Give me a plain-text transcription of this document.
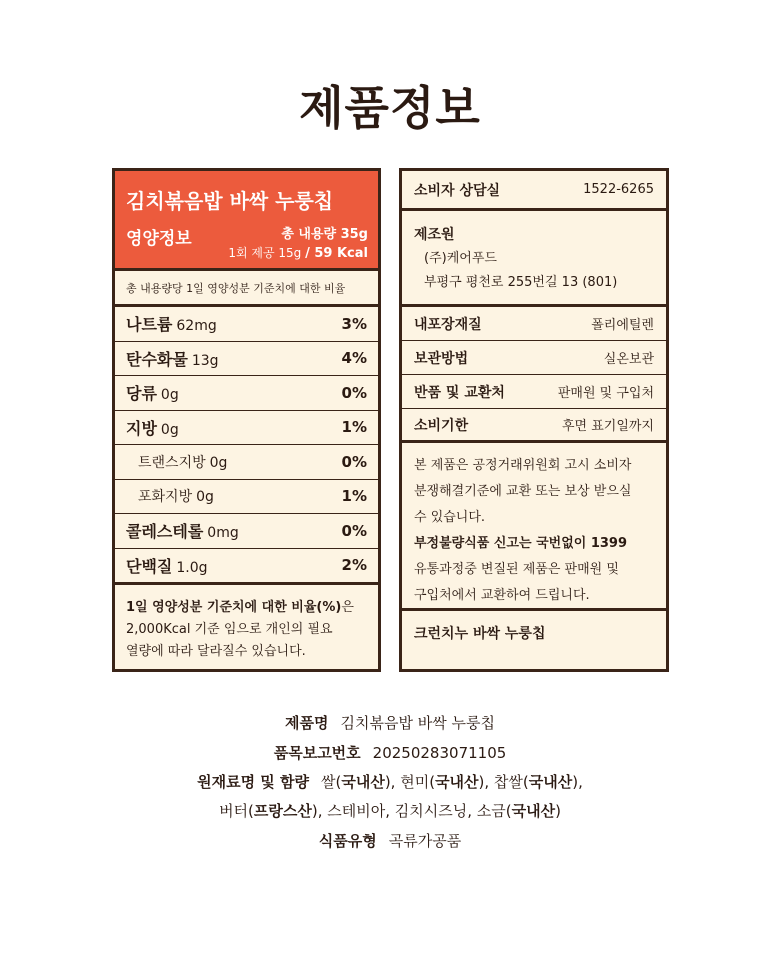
제품정보
김치볶음밥 바싹 누룽칩
영양정보	총 내용량 35g
1회 제공 15g / 59 Kcal
총 내용량당 1일 영양성분 기준치에 대한 비율
나트륨 62mg	3%
탄수화물 13g	4%
당류 0g	0%
지방 0g	1%
트랜스지방 0g	0%
포화지방 0g	1%
콜레스테롤 0mg	0%
단백질 1.0g	2%
1일 영양성분 기준치에 대한 비율(%)은
2,000Kcal 기준 임으로 개인의 필요
열량에 따라 달라질수 있습니다.
소비자 상담실	1522-6265
제조원
(주)케어푸드
부평구 평천로 255번길 13 (801)
내포장재질	폴리에틸렌
보관방법	실온보관
반품 및 교환처	판매원 및 구입처
소비기한	후면 표기일까지
본 제품은 공정거래위원회 고시 소비자
분쟁해결기준에 교환 또는 보상 받으실
수 있습니다.
부정불량식품 신고는 국번없이 1399
유통과정중 변질된 제품은 판매원 및
구입처에서 교환하여 드립니다.
크런치누 바싹 누룽칩
제품명 김치볶음밥 바싹 누룽칩
품목보고번호 20250283071105
원재료명 및 함량 쌀(국내산), 현미(국내산), 찹쌀(국내산),
버터(프랑스산), 스테비아, 김치시즈닝, 소금(국내산)
식품유형 곡류가공품
